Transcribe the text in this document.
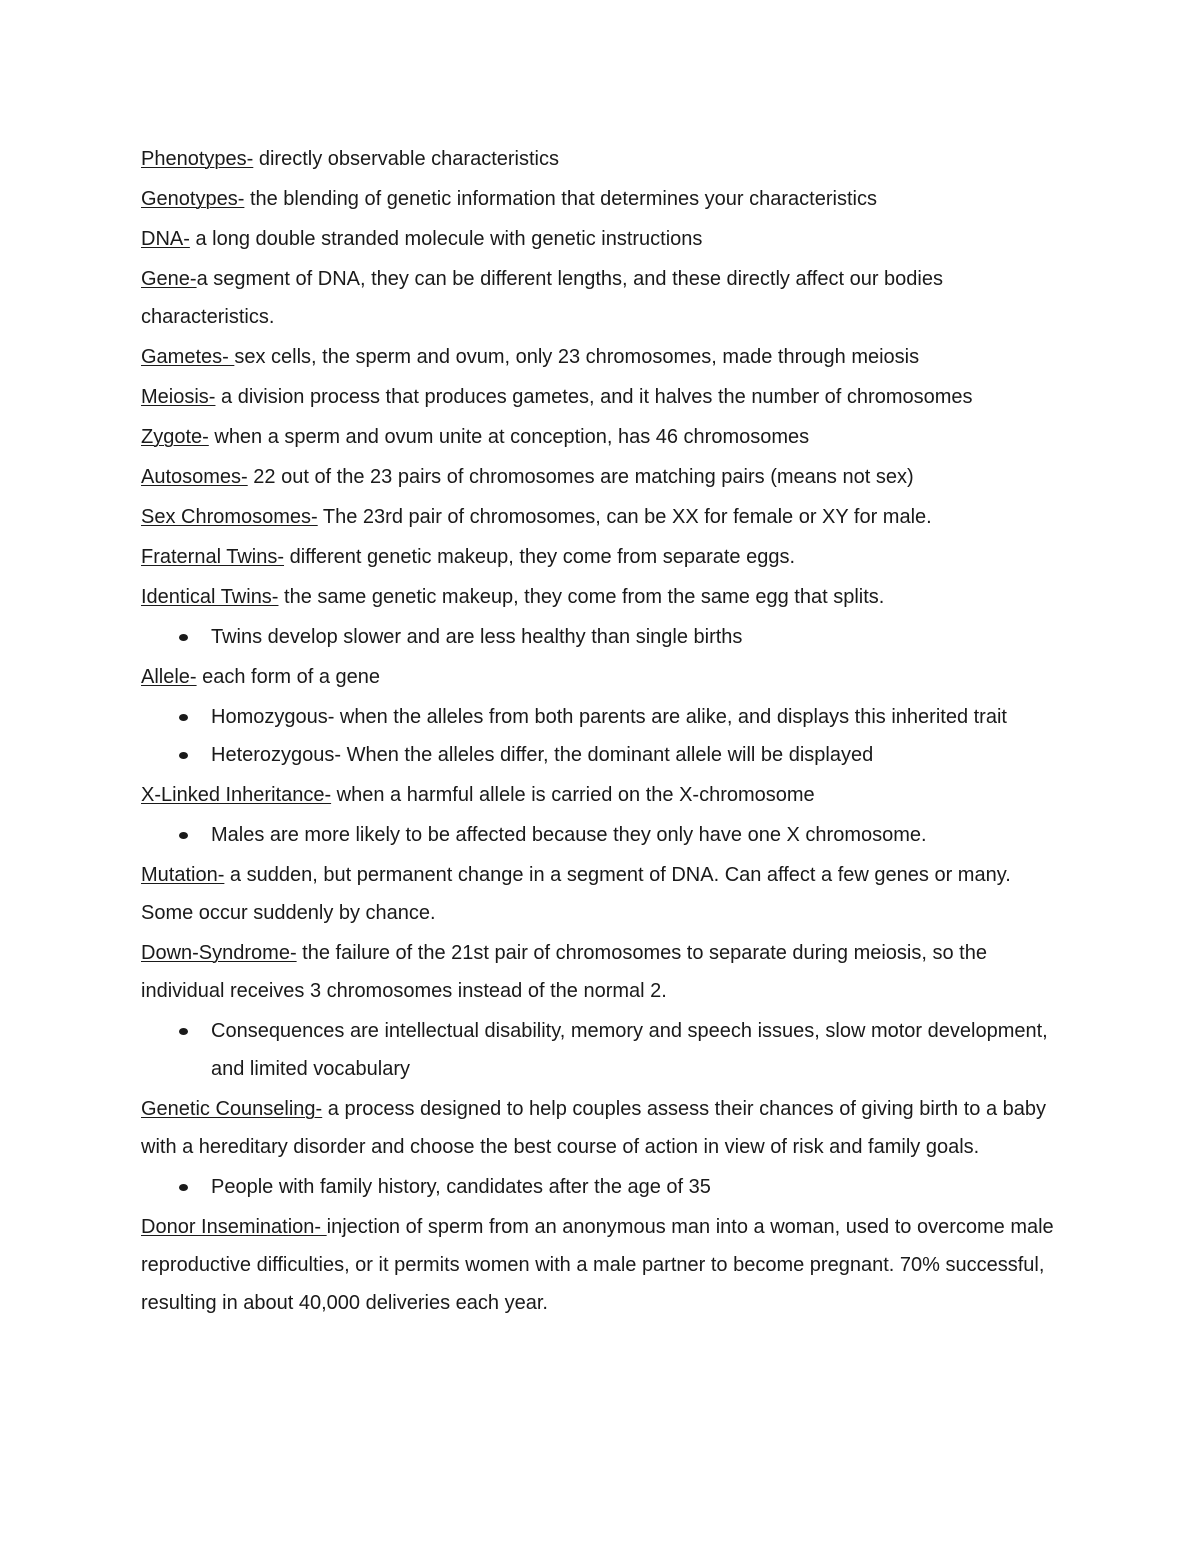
Phenotypes- directly observable characteristics

Genotypes- the blending of genetic information that determines your characteristics

DNA- a long double stranded molecule with genetic instructions

Gene-a segment of DNA, they can be different lengths, and these directly affect our bodies characteristics.

Gametes- sex cells, the sperm and ovum, only 23 chromosomes, made through meiosis

Meiosis- a division process that produces gametes, and it halves the number of chromosomes

Zygote- when a sperm and ovum unite at conception, has 46 chromosomes

Autosomes- 22 out of the 23 pairs of chromosomes are matching pairs (means not sex)

Sex Chromosomes- The 23rd pair of chromosomes, can be XX for female or XY for male.

Fraternal Twins- different genetic makeup, they come from separate eggs.

Identical Twins- the same genetic makeup, they come from the same egg that splits.

Twins develop slower and are less healthy than single births

Allele- each form of a gene

Homozygous- when the alleles from both parents are alike, and displays this inherited trait
Heterozygous- When the alleles differ, the dominant allele will be displayed

X-Linked Inheritance- when a harmful allele is carried on the X-chromosome

Males are more likely to be affected because they only have one X chromosome.

Mutation- a sudden, but permanent change in a segment of DNA. Can affect a few genes or many. Some occur suddenly by chance.

Down-Syndrome- the failure of the 21st pair of chromosomes to separate during meiosis, so the individual receives 3 chromosomes instead of the normal 2.

Consequences are intellectual disability, memory and speech issues, slow motor development, and limited vocabulary

Genetic Counseling- a process designed to help couples assess their chances of giving birth to a baby with a hereditary disorder and choose the best course of action in view of risk and family goals.

People with family history, candidates after the age of 35

Donor Insemination- injection of sperm from an anonymous man into a woman, used to overcome male reproductive difficulties, or it permits women with a male partner to become pregnant. 70% successful, resulting in about 40,000 deliveries each year.
